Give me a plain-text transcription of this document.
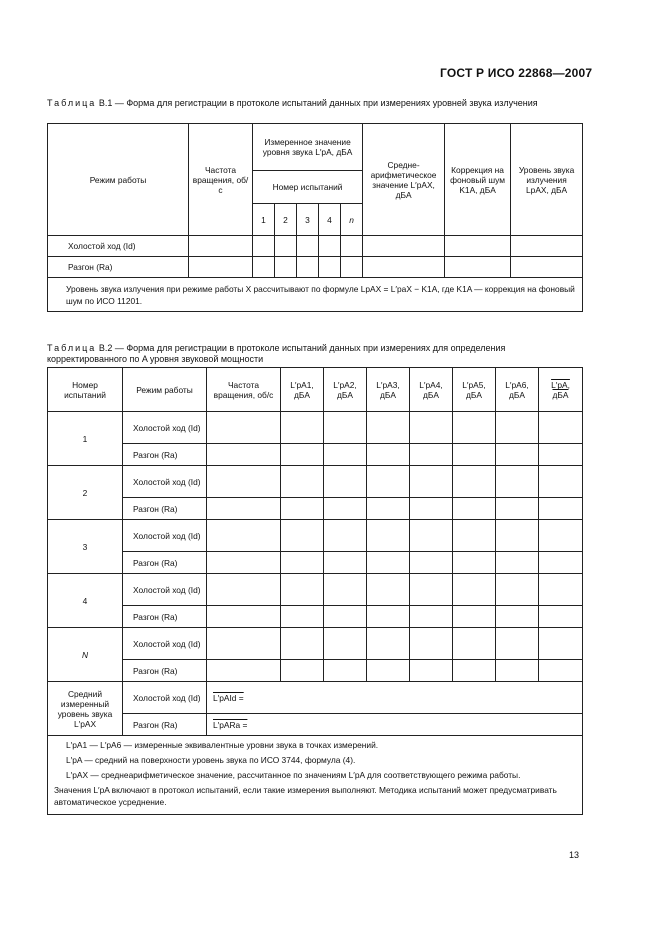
ГОСТ Р ИСО 22868—2007
Таблица В.1 — Форма для регистрации в протоколе испытаний данных при измерениях уровней звука излучения
Режим работы	Частота вращения, об/с	Измеренное значение уровня звука L′pA, дБA					Средне-арифметическое значение L′pAX, дБA	Коррекция на фоновый шум K1A, дБA	Уровень звука излучения LpAX, дБA
		Номер испытаний							
		1	2	3	4	n			
Холостой ход (Id)									
Разгон (Ra)									
Уровень звука излучения при режиме работы X рассчитывают по формуле LpAX = L′paX − K1A, где K1A — коррекция на фоновый шум по ИСО 11201.									
Таблица В.2 — Форма для регистрации в протоколе испытаний данных при измерениях для определения корректированного по A уровня звуковой мощности
Номер испытаний	Режим работы	Частота вращения, об/с	L′pA1, дБA	L′pA2, дБA	L′pA3, дБA	L′pA4, дБA	L′pA5, дБA	L′pA6, дБA	L′pA, дБA
1	Холостой ход (Id)								
	Разгон (Ra)								
2	Холостой ход (Id)								
	Разгон (Ra)								
3	Холостой ход (Id)								
	Разгон (Ra)								
4	Холостой ход (Id)								
	Разгон (Ra)								
N	Холостой ход (Id)								
	Разгон (Ra)								
Средний измеренный уровень звука L′pAX	Холостой ход (Id)	L′pAId =							
	Разгон (Ra)	L′pARa =							

L′pA1 — L′pA6 — измеренные эквивалентные уровни звука в точках измерений.

L′pA — средний на поверхности уровень звука по ИСО 3744, формула (4).

L′pAX — среднеарифметическое значение, рассчитанное по значениям L′pA для соответствующего режима работы.

Значения L′pA включают в протокол испытаний, если такие измерения выполняют. Методика испытаний может предусматривать автоматическое усреднение.									

13
